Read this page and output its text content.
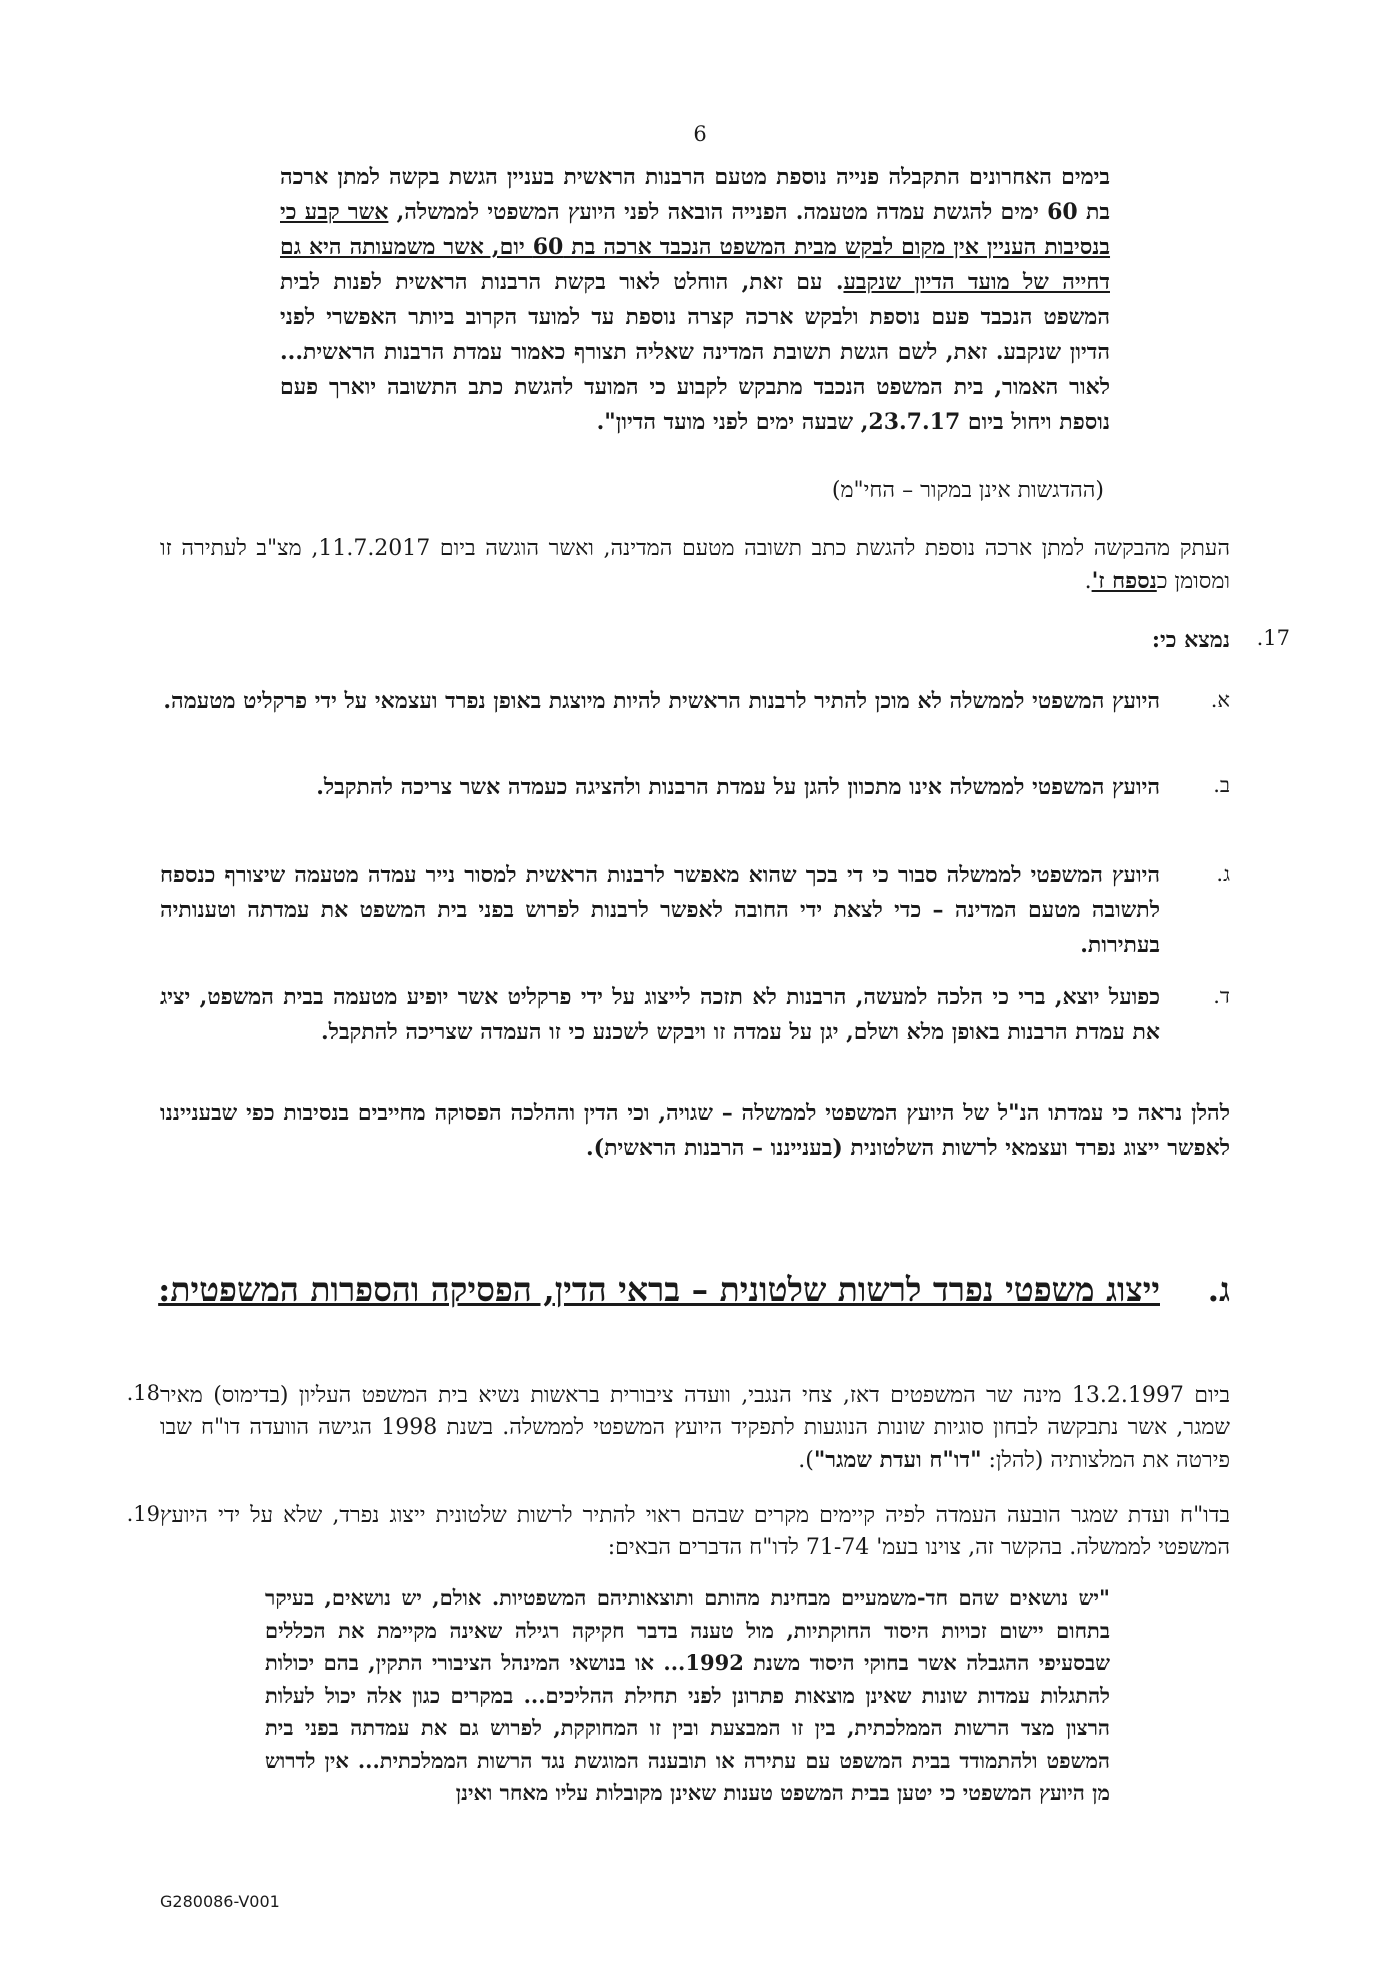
6
בימים האחרונים התקבלה פנייה נוספת מטעם הרבנות הראשית בעניין הגשת בקשה למתן ארכה בת 60 ימים להגשת עמדה מטעמה. הפנייה הובאה לפני היועץ המשפטי לממשלה, אשר קבע כי בנסיבות העניין אין מקום לבקש מבית המשפט הנכבד ארכה בת 60 יום, אשר משמעותה היא גם דחייה של מועד הדיון שנקבע. עם זאת, הוחלט לאור בקשת הרבנות הראשית לפנות לבית המשפט הנכבד פעם נוספת ולבקש ארכה קצרה נוספת עד למועד הקרוב ביותר האפשרי לפני הדיון שנקבע. זאת, לשם הגשת תשובת המדינה שאליה תצורף כאמור עמדת הרבנות הראשית... לאור האמור, בית המשפט הנכבד מתבקש לקבוע כי המועד להגשת כתב התשובה יוארך פעם נוספת ויחול ביום 23.7.17, שבעה ימים לפני מועד הדיון".
(ההדגשות אינן במקור – החי"מ)
העתק מהבקשה למתן ארכה נוספת להגשת כתב תשובה מטעם המדינה, ואשר הוגשה ביום 11.7.2017, מצ"ב לעתירה זו ומסומן כנספח ז'.
.17
נמצא כי:
א.
היועץ המשפטי לממשלה לא מוכן להתיר לרבנות הראשית להיות מיוצגת באופן נפרד ועצמאי על ידי פרקליט מטעמה.
ב.
היועץ המשפטי לממשלה אינו מתכוון להגן על עמדת הרבנות ולהציגה כעמדה אשר צריכה להתקבל.
ג.
היועץ המשפטי לממשלה סבור כי די בכך שהוא מאפשר לרבנות הראשית למסור נייר עמדה מטעמה שיצורף כנספח לתשובה מטעם המדינה – כדי לצאת ידי החובה לאפשר לרבנות לפרוש בפני בית המשפט את עמדתה וטענותיה בעתירות.
ד.
כפועל יוצא, ברי כי הלכה למעשה, הרבנות לא תזכה לייצוג על ידי פרקליט אשר יופיע מטעמה בבית המשפט, יציג את עמדת הרבנות באופן מלא ושלם, יגן על עמדה זו ויבקש לשכנע כי זו העמדה שצריכה להתקבל.
להלן נראה כי עמדתו הנ"ל של היועץ המשפטי לממשלה – שגויה, וכי הדין וההלכה הפסוקה מחייבים בנסיבות כפי שבענייננו לאפשר ייצוג נפרד ועצמאי לרשות השלטונית (בענייננו – הרבנות הראשית).
ג.
ייצוג משפטי נפרד לרשות שלטונית – בראי הדין, הפסיקה והספרות המשפטית:
.18 ביום 13.2.1997 מינה שר המשפטים דאז, צחי הנגבי, וועדה ציבורית בראשות נשיא בית המשפט העליון (בדימוס) מאיר שמגר, אשר נתבקשה לבחון סוגיות שונות הנוגעות לתפקיד היועץ המשפטי לממשלה. בשנת 1998 הגישה הוועדה דו"ח שבו פירטה את המלצותיה (להלן: "דו"ח ועדת שמגר").
.19 בדו"ח ועדת שמגר הובעה העמדה לפיה קיימים מקרים שבהם ראוי להתיר לרשות שלטונית ייצוג נפרד, שלא על ידי היועץ המשפטי לממשלה. בהקשר זה, צוינו בעמ' 71-74 לדו"ח הדברים הבאים:
"יש נושאים שהם חד-משמעיים מבחינת מהותם ותוצאותיהם המשפטיות. אולם, יש נושאים, בעיקר בתחום יישום זכויות היסוד החוקתיות, מול טענה בדבר חקיקה רגילה שאינה מקיימת את הכללים שבסעיפי ההגבלה אשר בחוקי היסוד משנת 1992... או בנושאי המינהל הציבורי התקין, בהם יכולות להתגלות עמדות שונות שאינן מוצאות פתרונן לפני תחילת ההליכים... במקרים כגון אלה יכול לעלות הרצון מצד הרשות הממלכתית, בין זו המבצעת ובין זו המחוקקת, לפרוש גם את עמדתה בפני בית המשפט ולהתמודד בבית המשפט עם עתירה או תובענה המוגשת נגד הרשות הממלכתית... אין לדרוש מן היועץ המשפטי כי יטען בבית המשפט טענות שאינן מקובלות עליו מאחר ואינן
G280086-V001
